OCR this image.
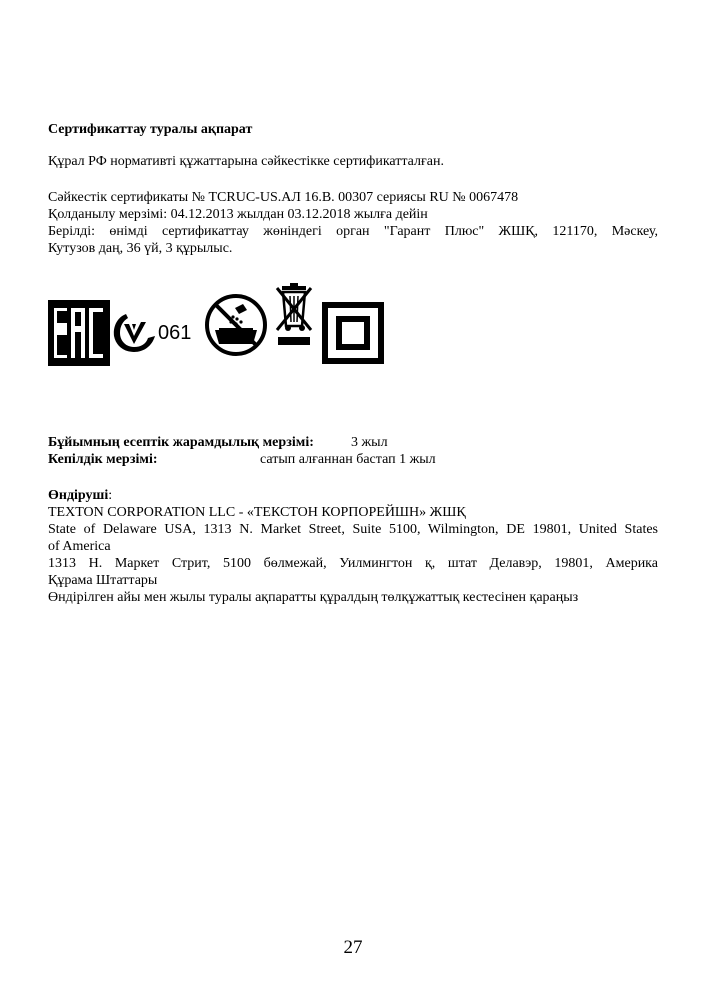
Сертификаттау туралы ақпарат
Құрал РФ нормативті құжаттарына сәйкестікке сертификатталған.
Сәйкестік сертификаты № TCRUC-US.АЛ 16.В. 00307 сериясы RU № 0067478
Қолданылу мерзімі: 04.12.2013 жылдан 03.12.2018 жылға дейін
Берілді: өнімді сертификаттау жөніндегі орган "Гарант Плюс" ЖШҚ, 121170, Мәскеу,
Кутузов даң, 36 үй, 3 құрылыс.
061
Бұйымның есептік жарамдылық мерзімі:	3 жыл
Кепілдік мерзімі:	сатып алғаннан бастап 1 жыл
Өндіруші:
TEXTON CORPORATION LLC - «ТЕКСТОН КОРПОРЕЙШН» ЖШҚ
State of Delaware USA, 1313 N. Market Street, Suite 5100, Wilmington, DE 19801, United States
of America
1313 Н. Маркет Стрит, 5100 бөлмежай, Уилмингтон қ, штат Делавэр, 19801, Америка
Құрама Штаттары
Өндірілген айы мен жылы туралы ақпаратты құралдың төлқұжаттық кестесінен қараңыз
27
